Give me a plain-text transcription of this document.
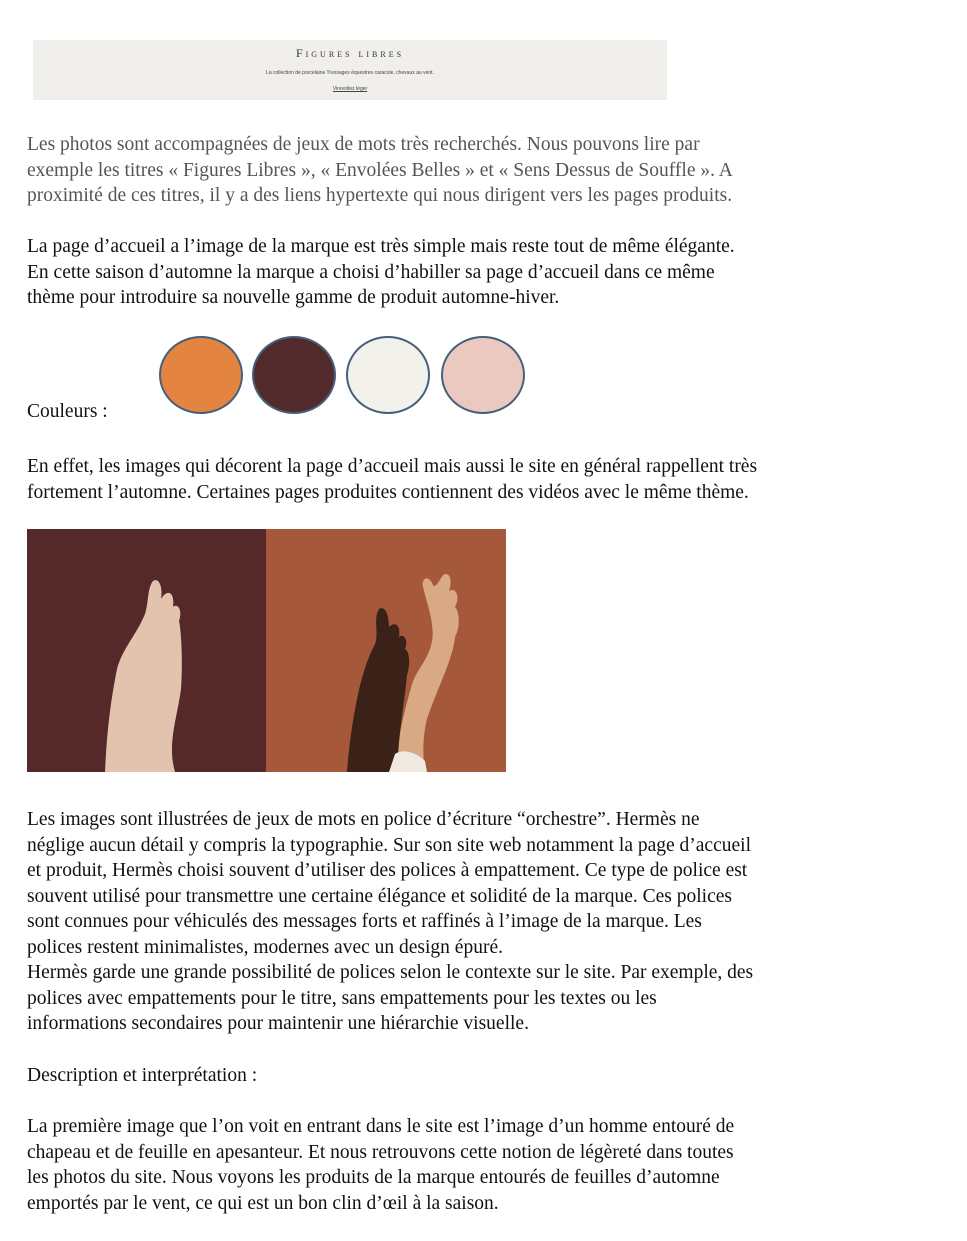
Figures libres
La collection de porcelaine Tressages équestres caracole, chevaux au vent.
Virevoltez léger
Les photos sont accompagnées de jeux de mots très recherchés. Nous pouvons lire par
exemple les titres « Figures Libres », « Envolées Belles » et « Sens Dessus de Souffle ». A
proximité de ces titres, il y a des liens hypertexte qui nous dirigent vers les pages produits.
La page d’accueil a l’image de la marque est très simple mais reste tout de même élégante.
En cette saison d’automne la marque a choisi d’habiller sa page d’accueil dans ce même
thème pour introduire sa nouvelle gamme de produit automne-hiver.
Couleurs :
En effet, les images qui décorent la page d’accueil mais aussi le site en général rappellent très
fortement l’automne. Certaines pages produites contiennent des vidéos avec le même thème.
Les images sont illustrées de jeux de mots en police d’écriture “orchestre”. Hermès ne
néglige aucun détail y compris la typographie. Sur son site web notamment la page d’accueil
et produit, Hermès choisi souvent d’utiliser des polices à empattement. Ce type de police est
souvent utilisé pour transmettre une certaine élégance et solidité de la marque. Ces polices
sont connues pour véhiculés des messages forts et raffinés à l’image de la marque. Les
polices restent minimalistes, modernes avec un design épuré.
Hermès garde une grande possibilité de polices selon le contexte sur le site. Par exemple, des
polices avec empattements pour le titre, sans empattements pour les textes ou les
informations secondaires pour maintenir une hiérarchie visuelle.
Description et interprétation :
La première image que l’on voit en entrant dans le site est l’image d’un homme entouré de
chapeau et de feuille en apesanteur. Et nous retrouvons cette notion de légèreté dans toutes
les photos du site. Nous voyons les produits de la marque entourés de feuilles d’automne
emportés par le vent, ce qui est un bon clin d’œil à la saison.
